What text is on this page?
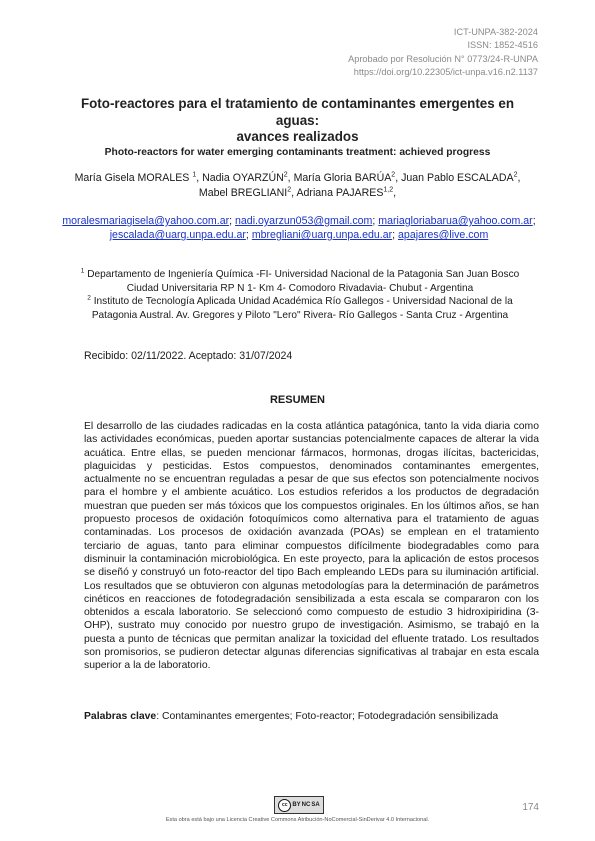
ICT-UNPA-382-2024
ISSN: 1852-4516
Aprobado por Resolución N° 0773/24-R-UNPA
https://doi.org/10.22305/ict-unpa.v16.n2.1137
Foto-reactores para el tratamiento de contaminantes emergentes en aguas:
avances realizados
Photo-reactors for water emerging contaminants treatment: achieved progress
María Gisela MORALES $^1$, Nadia OYARZÚN$^2$, María Gloria BARÚA$^2$, Juan Pablo ESCALADA$^2$, Mabel BREGLIANI$^2$, Adriana PAJARES$^{1,2}$,
moralesmariagisela@yahoo.com.ar; nadi.oyarzun053@gmail.com; mariagloriabarua@yahoo.com.ar; jescalada@uarg.unpa.edu.ar; mbregliani@uarg.unpa.edu.ar; apajares@live.com
$^1$ Departamento de Ingeniería Química -FI- Universidad Nacional de la Patagonia San Juan Bosco Ciudad Universitaria RP N 1- Km 4- Comodoro Rivadavia- Chubut - Argentina
$^2$ Instituto de Tecnología Aplicada Unidad Académica Río Gallegos - Universidad Nacional de la Patagonia Austral. Av. Gregores y Piloto "Lero" Rivera- Río Gallegos - Santa Cruz - Argentina
Recibido: 02/11/2022. Aceptado: 31/07/2024
RESUMEN

El desarrollo de las ciudades radicadas en la costa atlántica patagónica, tanto la vida diaria como las actividades económicas, pueden aportar sustancias potencialmente capaces de alterar la vida acuática. Entre ellas, se pueden mencionar fármacos, hormonas, drogas ilícitas, bactericidas, plaguicidas y pesticidas. Estos compuestos, denominados contaminantes emergentes, actualmente no se encuentran reguladas a pesar de que sus efectos son potencialmente nocivos para el hombre y el ambiente acuático. Los estudios referidos a los productos de degradación muestran que pueden ser más tóxicos que los compuestos originales. En los últimos años, se han propuesto procesos de oxidación fotoquímicos como alternativa para el tratamiento de aguas contaminadas. Los procesos de oxidación avanzada (POAs) se emplean en el tratamiento terciario de aguas, tanto para eliminar compuestos difícilmente biodegradables como para disminuir la contaminación microbiológica. En este proyecto, para la aplicación de estos procesos se diseñó y construyó un foto-reactor del tipo Bach empleando LEDs para su iluminación artificial. Los resultados que se obtuvieron con algunas metodologías para la determinación de parámetros cinéticos en reacciones de fotodegradación sensibilizada a esta escala se compararon con los obtenidos a escala laboratorio. Se seleccionó como compuesto de estudio 3 hidroxipiridina (3-OHP), sustrato muy conocido por nuestro grupo de investigación. Asimismo, se trabajó en la puesta a punto de técnicas que permitan analizar la toxicidad del efluente tratado. Los resultados son promisorios, se pudieron detectar algunas diferencias significativas al trabajar en esta escala superior a la de laboratorio.

Palabras clave: Contaminantes emergentes; Foto-reactor; Fotodegradación sensibilizada
cc BY NC SA
Esta obra está bajo una Licencia Creative Commons Atribución-NoComercial-SinDerivar 4.0 Internacional.
174
